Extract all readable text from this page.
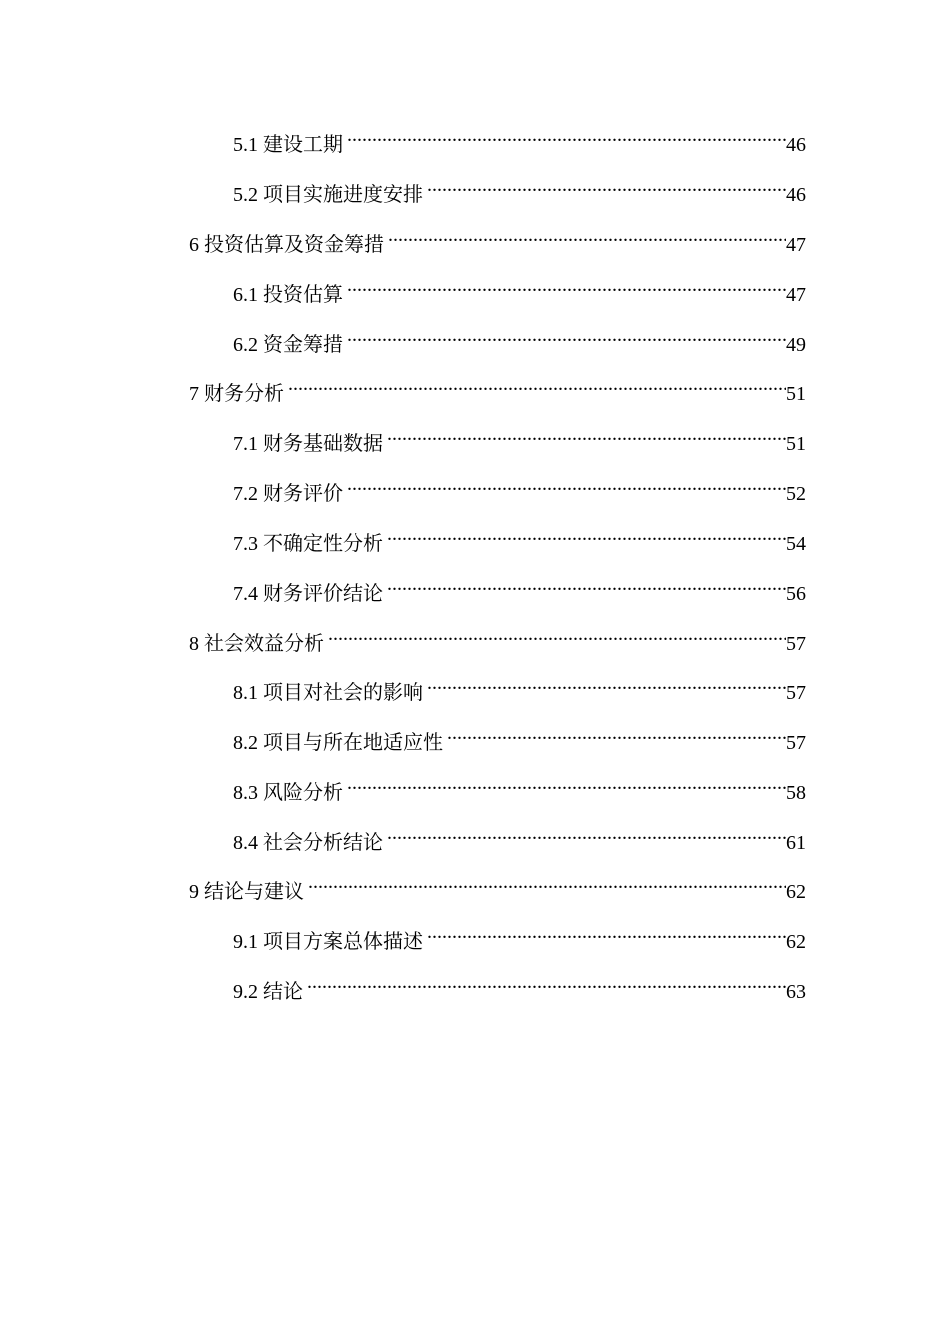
5.1 建设工期 .....	46
5.2 项目实施进度安排 .....	46
6 投资估算及资金筹措 .....	47
6.1 投资估算 .....	47
6.2 资金筹措 .....	49
7 财务分析 .....	51
7.1 财务基础数据 .....	51
7.2 财务评价 .....	52
7.3 不确定性分析 .....	54
7.4 财务评价结论 .....	56
8 社会效益分析 .....	57
8.1 项目对社会的影响 .....	57
8.2 项目与所在地适应性 .....	57
8.3 风险分析 .....	58
8.4 社会分析结论 .....	61
9 结论与建议 .....	62
9.1 项目方案总体描述 .....	62
9.2 结论 .....	63
